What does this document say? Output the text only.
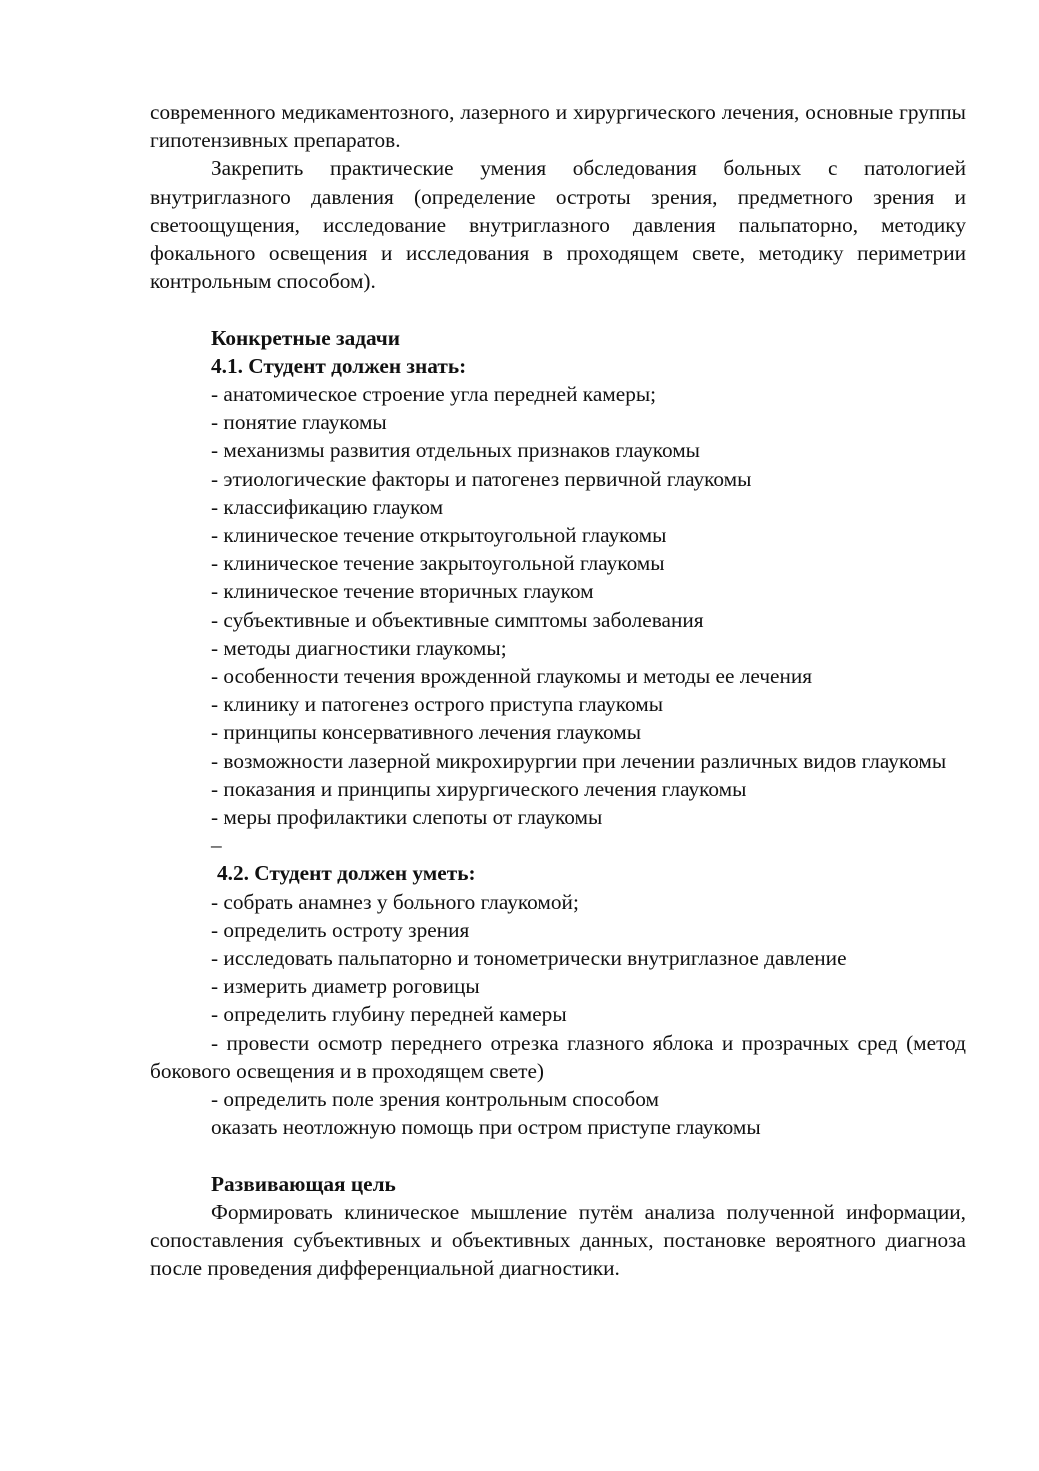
современного медикаментозного, лазерного и хирургического лечения, основные группы гипотензивных препаратов.

Закрепить практические умения обследования больных с патологией внутриглазного давления (определение остроты зрения, предметного зрения и светоощущения, исследование внутриглазного давления пальпаторно, методику фокального освещения и исследования в проходящем свете, методику периметрии контрольным способом).

Конкретные задачи

4.1. Студент должен знать:

- анатомическое строение угла передней камеры;

- понятие глаукомы

- механизмы развития отдельных признаков глаукомы

- этиологические факторы и патогенез первичной глаукомы

- классификацию глауком

- клиническое течение открытоугольной глаукомы

- клиническое течение закрытоугольной глаукомы

- клиническое течение вторичных глауком

- субъективные и объективные симптомы заболевания

- методы диагностики глаукомы;

- особенности течения врожденной глаукомы и методы ее лечения

- клинику и патогенез острого приступа глаукомы

- принципы консервативного лечения глаукомы

- возможности лазерной микрохирургии при лечении различных видов глаукомы

- показания и принципы хирургического лечения глаукомы

- меры профилактики слепоты от глаукомы

–

4.2. Студент должен уметь:

- собрать анамнез у больного глаукомой;

- определить остроту зрения

- исследовать пальпаторно и тонометрически внутриглазное давление

- измерить диаметр роговицы

- определить глубину передней камеры

- провести осмотр переднего отрезка глазного яблока и прозрачных сред (метод бокового освещения и в проходящем свете)

- определить поле зрения контрольным способом

оказать неотложную помощь при остром приступе глаукомы

Развивающая цель

Формировать клиническое мышление путём анализа полученной информации, сопоставления субъективных и объективных данных, постановке вероятного диагноза после проведения дифференциальной диагностики.
